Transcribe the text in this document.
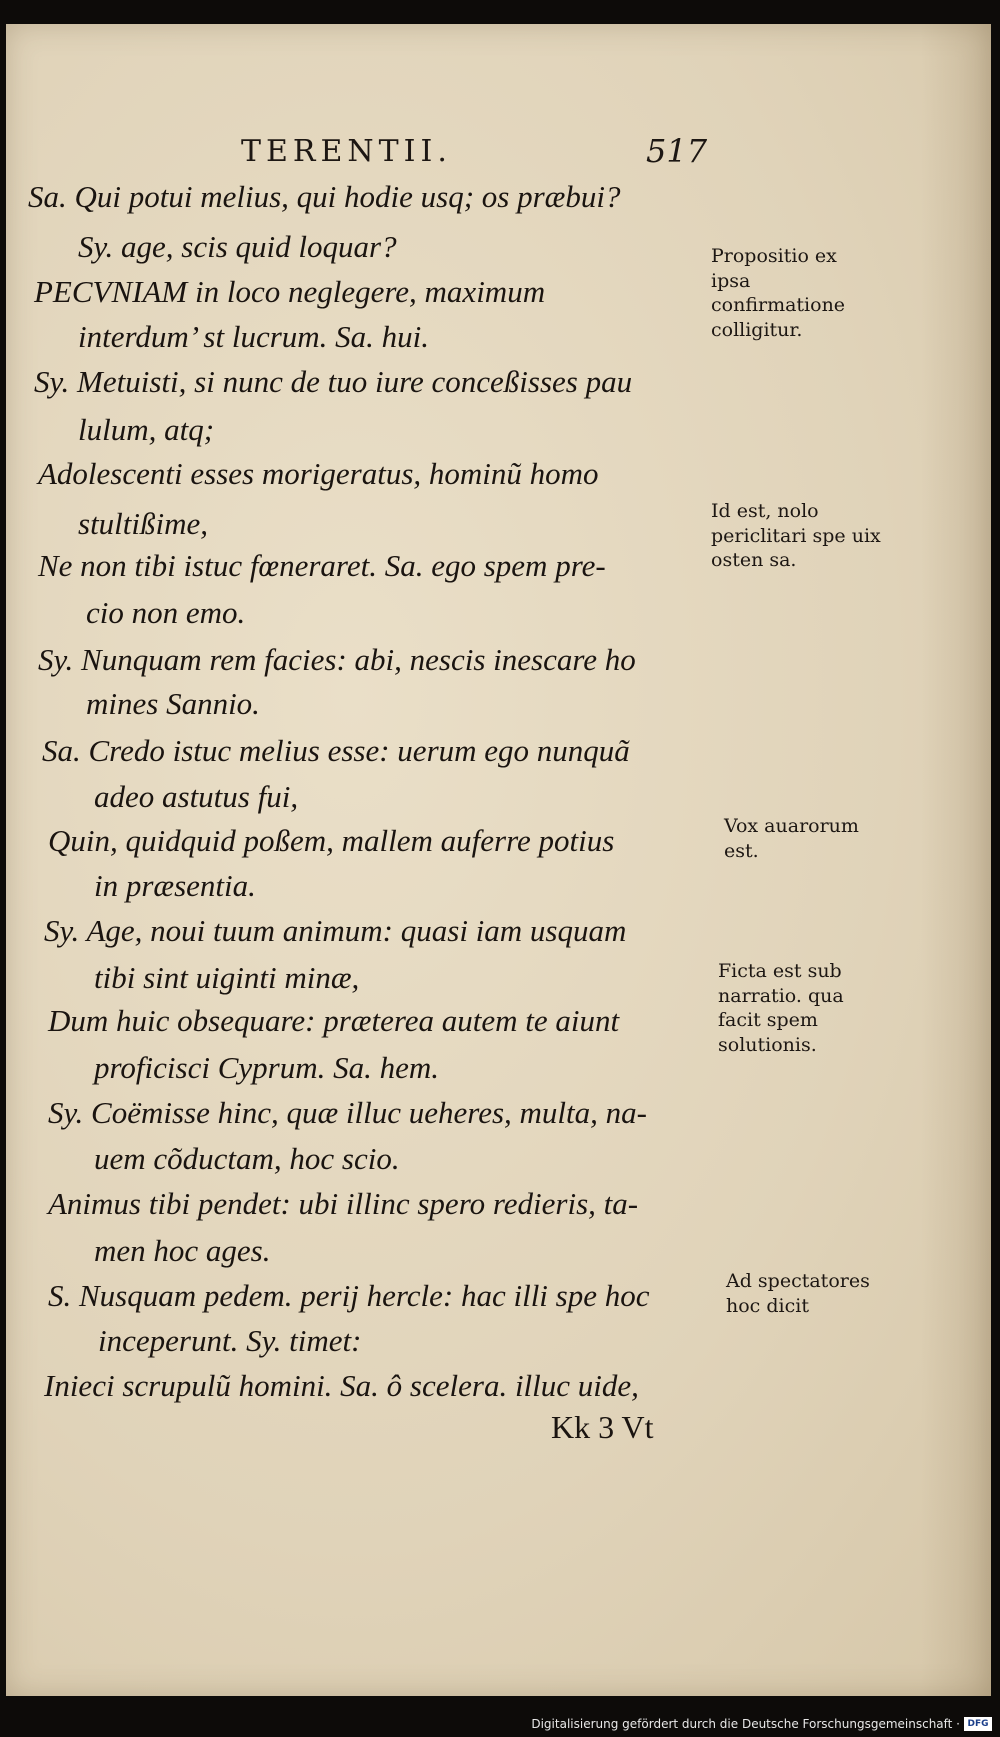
TERENTII.	517
Sa. Qui potui melius, qui hodie usq; os præbui?
Sy. age, scis quid loquar?
PECVNIAM in loco neglegere, maximum
interdum’ st lucrum. Sa. hui.
Sy. Metuisti, si nunc de tuo iure conceßisses pau
lulum, atq;
Adolescenti esses morigeratus, hominũ homo
stultißime,
Ne non tibi istuc fœneraret. Sa. ego spem pre-
cio non emo.
Sy. Nunquam rem facies: abi, nescis inescare ho
mines Sannio.
Sa. Credo istuc melius esse: uerum ego nunquã
adeo astutus fui,
Quin, quidquid poßem, mallem auferre potius
in præsentia.
Sy. Age, noui tuum animum: quasi iam usquam
tibi sint uiginti minæ,
Dum huic obsequare: præterea autem te aiunt
proficisci Cyprum. Sa. hem.
Sy. Coëmisse hinc, quæ illuc ueheres, multa, na-
uem cõductam, hoc scio.
Animus tibi pendet: ubi illinc spero redieris, ta-
men hoc ages.
S. Nusquam pedem. perij hercle: hac illi spe hoc
inceperunt. Sy. timet:
Inieci scrupulũ homini. Sa. ô scelera. illuc uide,
Propositio ex ipsa confirmatione colligitur.
Id est, nolo periclitari spe uix osten sa.
Vox auarorum est.
Ficta est sub narratio. qua facit spem solutionis.
Ad spectatores hoc dicit
Kk 3 Vt
Digitalisierung gefördert durch die Deutsche Forschungsgemeinschaft · DFG
